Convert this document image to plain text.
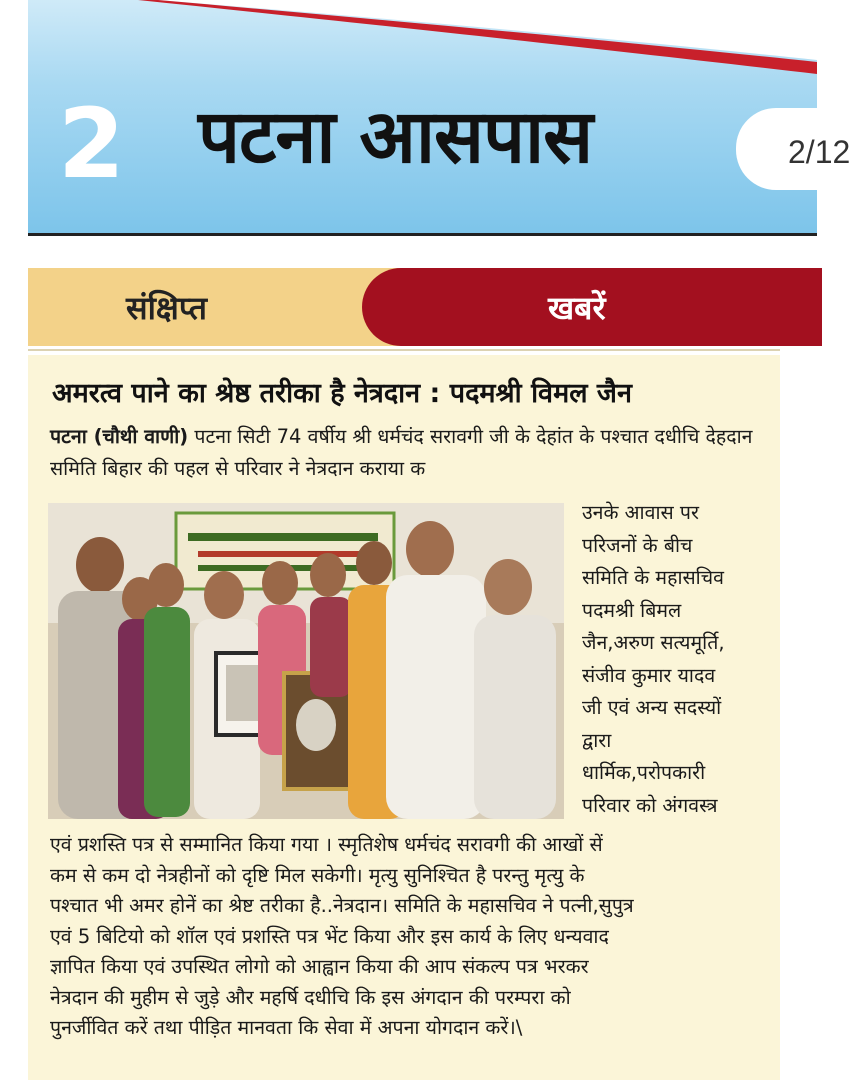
2 पटना आसपास	2/12
संक्षिप्त	खबरें
अमरत्व पाने का श्रेष्ठ तरीका है नेत्रदान : पदमश्री विमल जैन
पटना (चौथी वाणी) पटना सिटी 74 वर्षीय श्री धर्मचंद सरावगी जी के देहांत के पश्चात दधीचि देहदान समिति बिहार की पहल से परिवार ने नेत्रदान कराया क
उनके आवास पर
परिजनों के बीच
समिति के महासचिव
पदमश्री बिमल
जैन,अरुण सत्यमूर्ति,
संजीव कुमार यादव
जी एवं अन्य सदस्यों
द्वारा
धार्मिक,परोपकारी
परिवार को अंगवस्त्र

एवं प्रशस्ति पत्र से सम्मानित किया गया । स्मृतिशेष धर्मचंद सरावगी की आखों सें

कम से कम दो नेत्रहीनों को दृष्टि मिल सकेगी। मृत्यु सुनिश्चित है परन्तु मृत्यु के

पश्चात भी अमर होनें का श्रेष्ट तरीका है..नेत्रदान। समिति के महासचिव ने पत्नी,सुपुत्र

एवं 5 बिटियो को शॉल एवं प्रशस्ति पत्र भेंट किया और इस कार्य के लिए धन्यवाद

ज्ञापित किया एवं उपस्थित लोगो को आह्वान किया की आप संकल्प पत्र भरकर

नेत्रदान की मुहीम से जुड़े और महर्षि दधीचि कि इस अंगदान की परम्परा को

पुनर्जीवित करें तथा पीड़ित मानवता कि सेवा में अपना योगदान करें।\
